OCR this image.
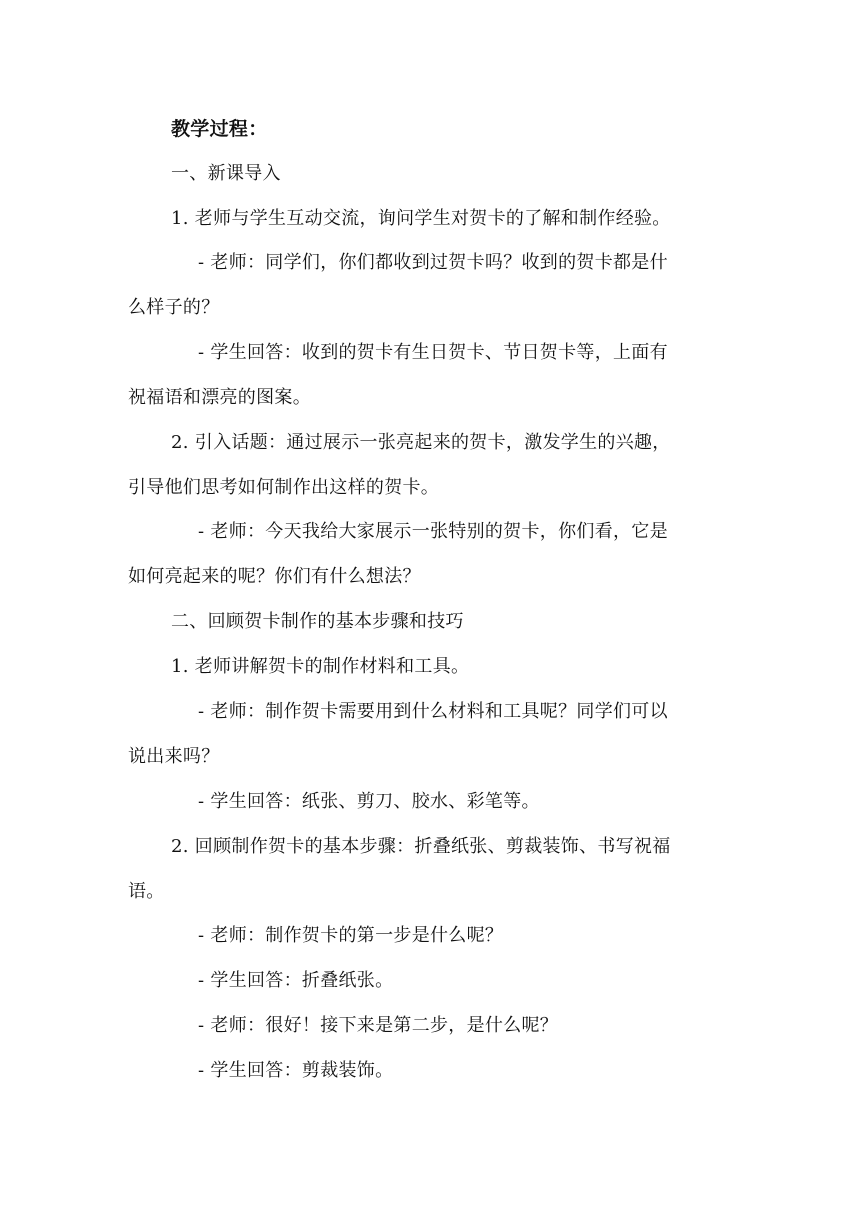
教学过程：
一、新课导入
1. 老师与学生互动交流，询问学生对贺卡的了解和制作经验。
- 老师：同学们，你们都收到过贺卡吗？收到的贺卡都是什
么样子的？
- 学生回答：收到的贺卡有生日贺卡、节日贺卡等，上面有
祝福语和漂亮的图案。
2. 引入话题：通过展示一张亮起来的贺卡，激发学生的兴趣，
引导他们思考如何制作出这样的贺卡。
- 老师：今天我给大家展示一张特别的贺卡，你们看，它是
如何亮起来的呢？你们有什么想法？
二、回顾贺卡制作的基本步骤和技巧
1. 老师讲解贺卡的制作材料和工具。
- 老师：制作贺卡需要用到什么材料和工具呢？同学们可以
说出来吗？
- 学生回答：纸张、剪刀、胶水、彩笔等。
2. 回顾制作贺卡的基本步骤：折叠纸张、剪裁装饰、书写祝福
语。
- 老师：制作贺卡的第一步是什么呢？
- 学生回答：折叠纸张。
- 老师：很好！接下来是第二步，是什么呢？
- 学生回答：剪裁装饰。
